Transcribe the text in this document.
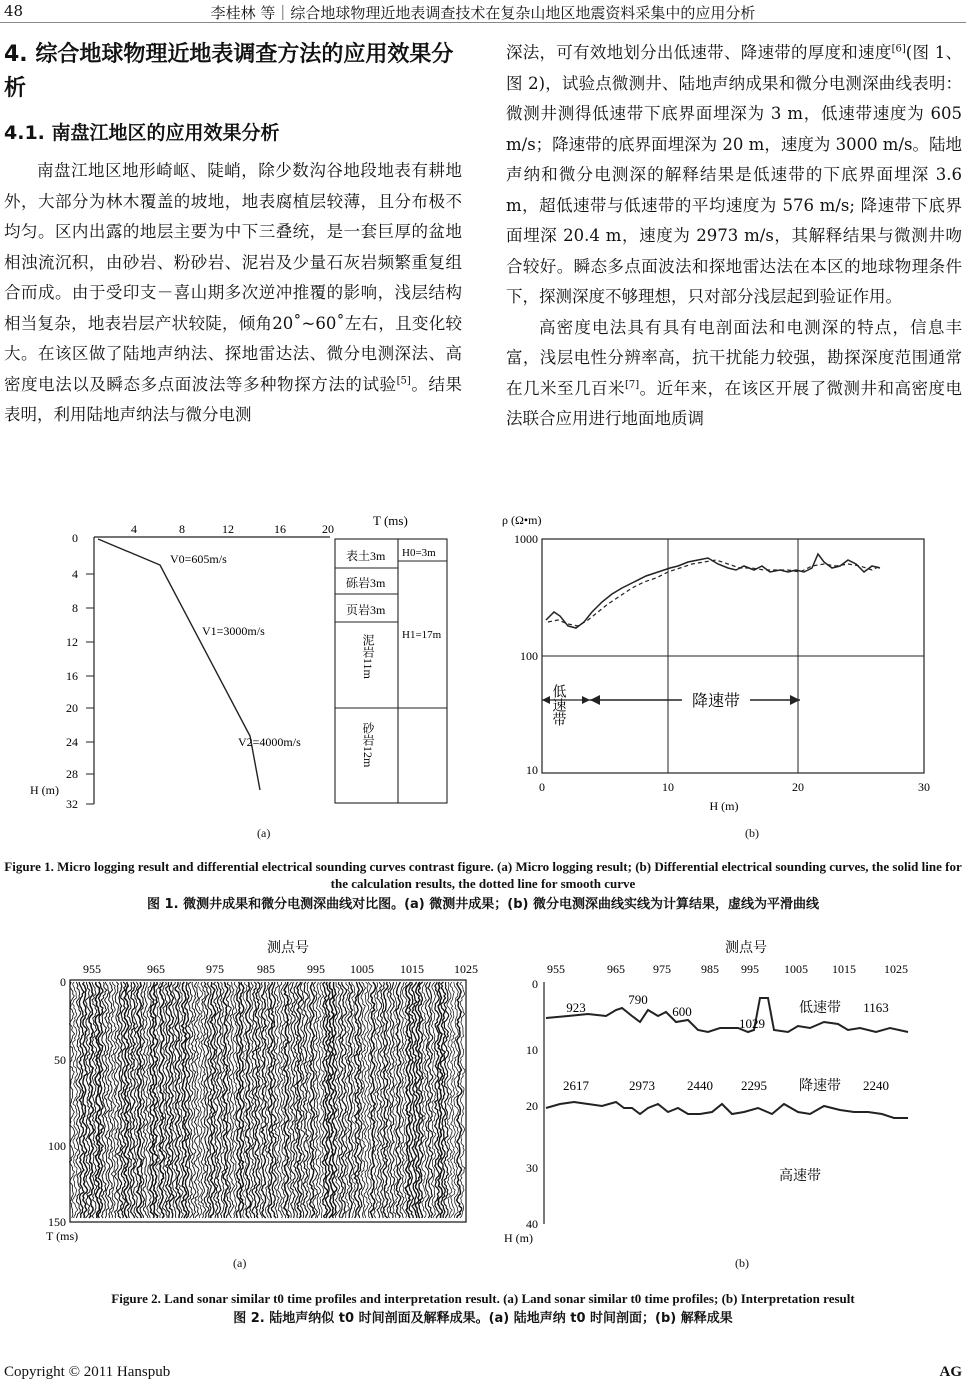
48	李桂林 等｜综合地球物理近地表调查技术在复杂山地区地震资料采集中的应用分析
4. 综合地球物理近地表调查方法的应用效果分析
4.1. 南盘江地区的应用效果分析

南盘江地区地形崎岖、陡峭，除少数沟谷地段地表有耕地外，大部分为林木覆盖的坡地，地表腐植层较薄，且分布极不均匀。区内出露的地层主要为中下三叠统，是一套巨厚的盆地相浊流沉积，由砂岩、粉砂岩、泥岩及少量石灰岩频繁重复组合而成。由于受印支－喜山期多次逆冲推覆的影响，浅层结构相当复杂，地表岩层产状较陡，倾角20˚~60˚左右，且变化较大。在该区做了陆地声纳法、探地雷达法、微分电测深法、高密度电法以及瞬态多点面波法等多种物探方法的试验[5]。结果表明，利用陆地声纳法与微分电测

深法，可有效地划分出低速带、降速带的厚度和速度[6](图 1、图 2)，试验点微测井、陆地声纳成果和微分电测深曲线表明：微测井测得低速带下底界面埋深为 3 m，低速带速度为 605 m/s；降速带的底界面埋深为 20 m，速度为 3000 m/s。陆地声纳和微分电测深的解释结果是低速带的下底界面埋深 3.6 m，超低速带与低速带的平均速度为 576 m/s; 降速带下底界面埋深 20.4 m，速度为 2973 m/s，其解释结果与微测井吻合较好。瞬态多点面波法和探地雷达法在本区的地球物理条件下，探测深度不够理想，只对部分浅层起到验证作用。

高密度电法具有具有电剖面法和电测深的特点，信息丰富，浅层电性分辨率高，抗干扰能力较强，勘探深度范围通常在几米至几百米[7]。近年来，在该区开展了微测井和高密度电法联合应用进行地面地质调

T (ms)
4	8	12	16	20
0
4
8
12
16
20
24
28
32
H (m)
V0=605m/s
V1=3000m/s
V2=4000m/s
表土3m
砾岩3m
页岩3m
泥岩11m
砂岩12m
H0=3m
H1=17m
(a)
ρ (Ω•m)
1000
100
10
0	10	20	30
H (m)
低速带	降速带
(b)
Figure 1. Micro logging result and differential electrical sounding curves contrast figure. (a) Micro logging result; (b) Differential electrical sounding curves, the solid line for the calculation results, the dotted line for smooth curve
图 1. 微测井成果和微分电测深曲线对比图。(a) 微测井成果；(b) 微分电测深曲线实线为计算结果，虚线为平滑曲线
测点号
955	965	975	985	995 1005 1015	1025
0
50
100
150
T (ms)
(a)
测点号
955	965 975	985 995 1005 1015 1025
0
10
20
30
40
H (m)
923
790
600
1029
低速带 1163
2617	2973 2440 2295 降速带 2240
高速带
(b)
Figure 2. Land sonar similar t0 time profiles and interpretation result. (a) Land sonar similar t0 time profiles; (b) Interpretation result
图 2. 陆地声纳似 t0 时间剖面及解释成果。(a) 陆地声纳 t0 时间剖面；(b) 解释成果
Copyright © 2011 Hanspub	AG
